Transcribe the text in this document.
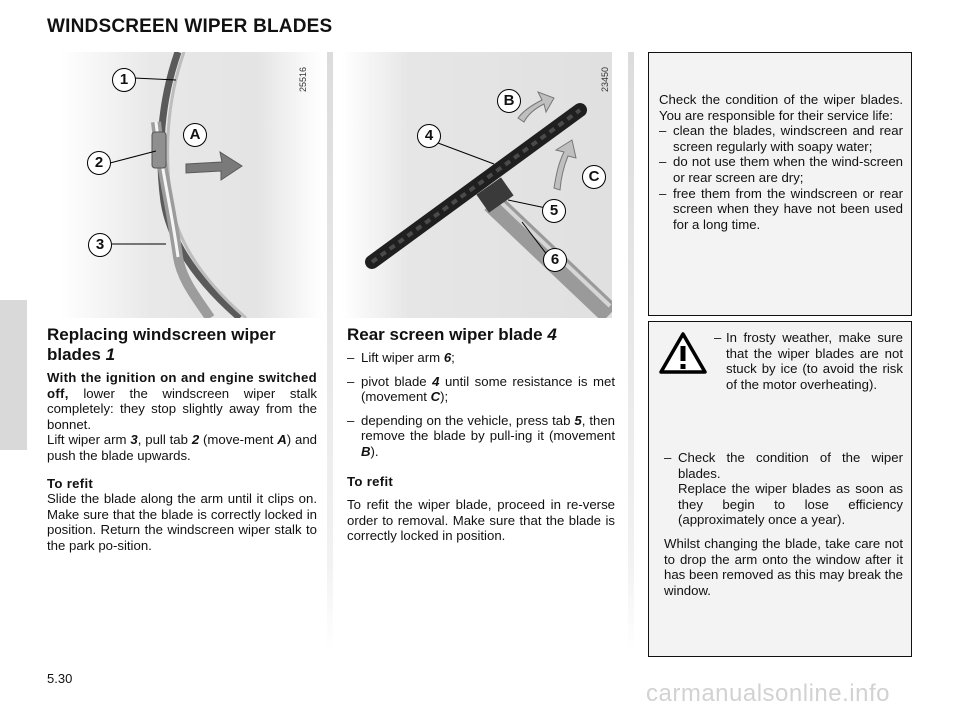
WINDSCREEN WIPER BLADES
25516
1
2
3
A
23450
4
5
6
B
C
Replacing windscreen wiper blades 1

With the ignition on and engine switched off, lower the windscreen wiper stalk completely: they stop slightly away from the bonnet.

Lift wiper arm 3, pull tab 2 (move-ment A) and push the blade upwards.

To refit

Slide the blade along the arm until it clips on. Make sure that the blade is correctly locked in position. Return the windscreen wiper stalk to the park po-sition.

Rear screen wiper blade 4
– Lift wiper arm 6;
– pivot blade 4 until some resistance is met (movement C);
– depending on the vehicle, press tab 5, then remove the blade by pull-ing it (movement B).

To refit

To refit the wiper blade, proceed in re-verse order to removal. Make sure that the blade is correctly locked in position.

Check the condition of the wiper blades. You are responsible for their service life:

– clean the blades, windscreen and rear screen regularly with soapy water;
– do not use them when the wind-screen or rear screen are dry;
– free them from the windscreen or rear screen when they have not been used for a long time.
– In frosty weather, make sure that the wiper blades are not stuck by ice (to avoid the risk of the motor overheating).
– Check the condition of the wiper blades.
Replace the wiper blades as soon as they begin to lose efficiency (approximately once a year).

Whilst changing the blade, take care not to drop the arm onto the window after it has been removed as this may break the window.

5.30
carmanualsonline.info
